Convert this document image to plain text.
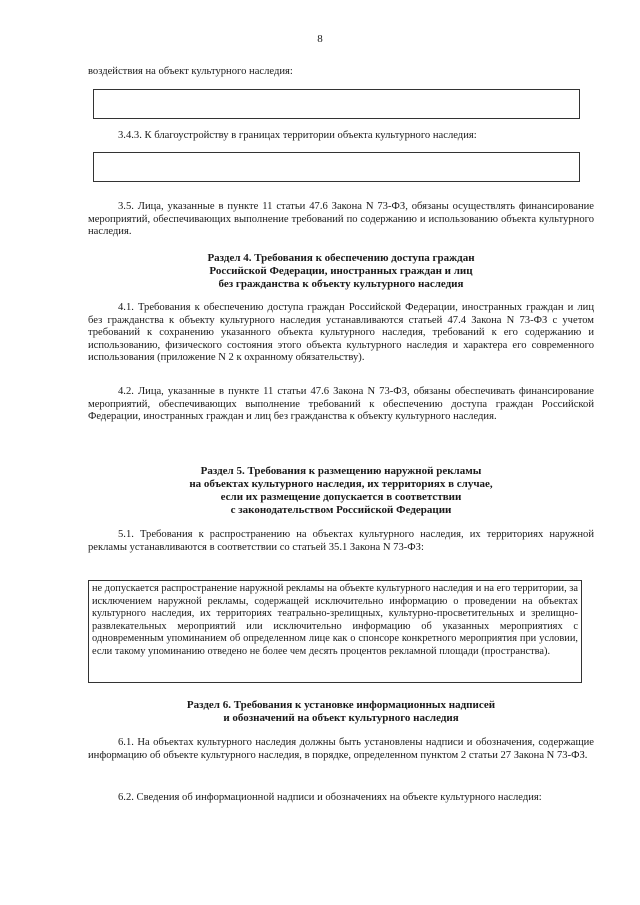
8
воздействия на объект культурного наследия:
3.4.3. К благоустройству в границах территории объекта культурного наследия:
3.5. Лица, указанные в пункте 11 статьи 47.6 Закона N 73-ФЗ, обязаны осуществлять финансирование мероприятий, обеспечивающих выполнение требований по содержанию и использованию объекта культурного наследия.
Раздел 4. Требования к обеспечению доступа граждан
Российской Федерации, иностранных граждан и лиц
без гражданства к объекту культурного наследия
4.1. Требования к обеспечению доступа граждан Российской Федерации, иностранных граждан и лиц без гражданства к объекту культурного наследия устанавливаются статьей 47.4 Закона N 73-ФЗ с учетом требований к сохранению указанного объекта культурного наследия, требований к его содержанию и использованию, физического состояния этого объекта культурного наследия и характера его современного использования (приложение N 2 к охранному обязательству).
4.2. Лица, указанные в пункте 11 статьи 47.6 Закона N 73-ФЗ, обязаны обеспечивать финансирование мероприятий, обеспечивающих выполнение требований к обеспечению доступа граждан Российской Федерации, иностранных граждан и лиц без гражданства к объекту культурного наследия.
Раздел 5. Требования к размещению наружной рекламы
на объектах культурного наследия, их территориях в случае,
если их размещение допускается в соответствии
с законодательством Российской Федерации
5.1. Требования к распространению на объектах культурного наследия, их территориях наружной рекламы устанавливаются в соответствии со статьей 35.1 Закона N 73-ФЗ:
не допускается распространение наружной рекламы на объекте культурного наследия и на его территории, за исключением наружной рекламы, содержащей исключительно информацию о проведении на объектах культурного наследия, их территориях театрально-зрелищных, культурно-просветительных и зрелищно-развлекательных мероприятий или исключительно информацию об указанных мероприятиях с одновременным упоминанием об определенном лице как о спонсоре конкретного мероприятия при условии, если такому упоминанию отведено не более чем десять процентов рекламной площади (пространства).
Раздел 6. Требования к установке информационных надписей
и обозначений на объект культурного наследия
6.1. На объектах культурного наследия должны быть установлены надписи и обозначения, содержащие информацию об объекте культурного наследия, в порядке, определенном пунктом 2 статьи 27 Закона N 73-ФЗ.
6.2. Сведения об информационной надписи и обозначениях на объекте культурного наследия:
